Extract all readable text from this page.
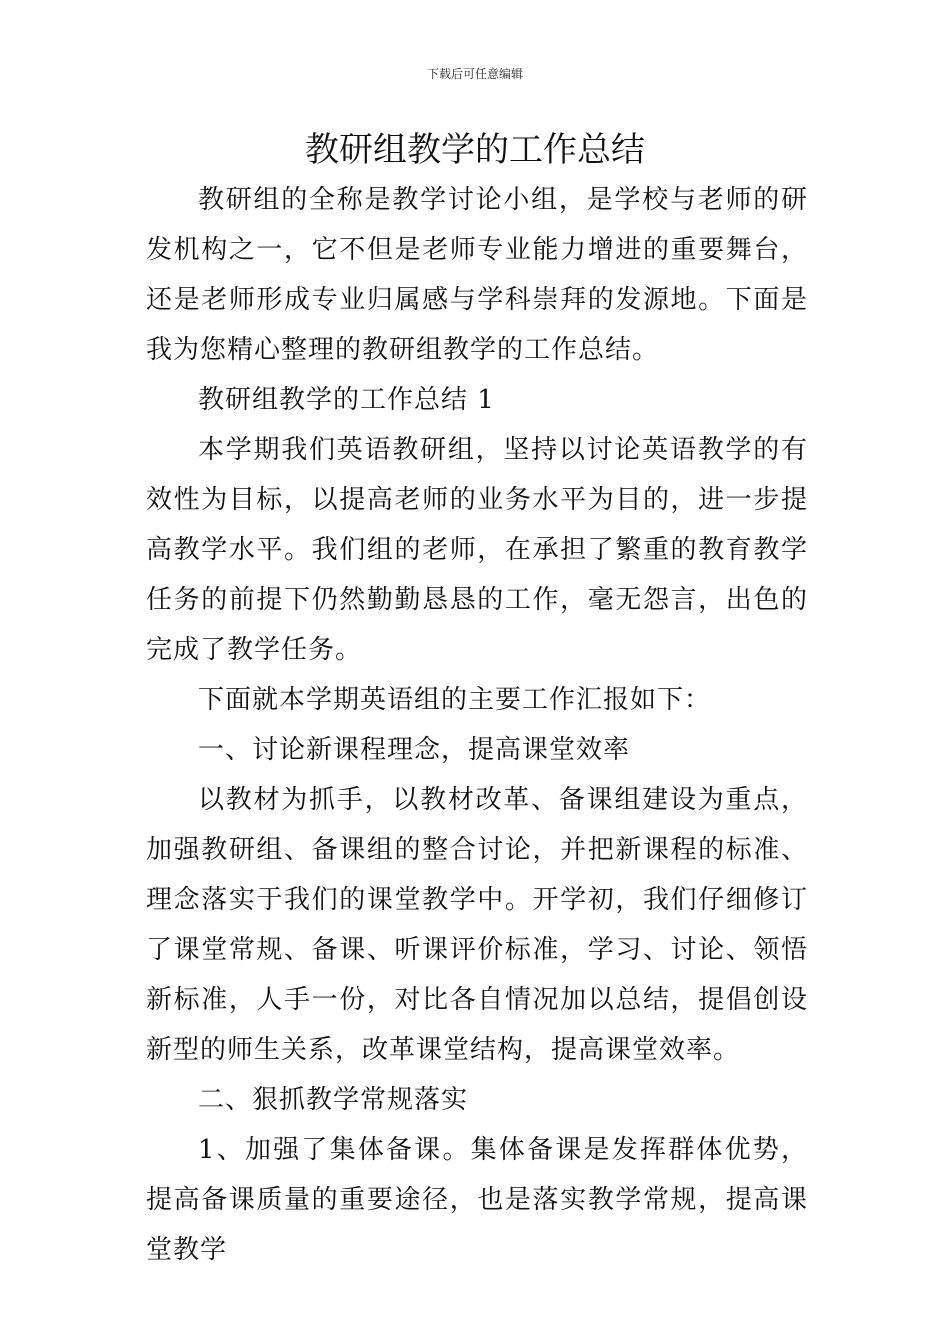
下载后可任意编辑
教研组教学的工作总结

教研组的全称是教学讨论小组，是学校与老师的研发机构之一，它不但是老师专业能力增进的重要舞台，还是老师形成专业归属感与学科崇拜的发源地。下面是我为您精心整理的教研组教学的工作总结。

教研组教学的工作总结 1

本学期我们英语教研组，坚持以讨论英语教学的有效性为目标，以提高老师的业务水平为目的，进一步提高教学水平。我们组的老师，在承担了繁重的教育教学任务的前提下仍然勤勤恳恳的工作，毫无怨言，出色的完成了教学任务。

下面就本学期英语组的主要工作汇报如下：

一、讨论新课程理念，提高课堂效率

以教材为抓手，以教材改革、备课组建设为重点，加强教研组、备课组的整合讨论，并把新课程的标准、理念落实于我们的课堂教学中。开学初，我们仔细修订了课堂常规、备课、听课评价标准，学习、讨论、领悟新标准，人手一份，对比各自情况加以总结，提倡创设新型的师生关系，改革课堂结构，提高课堂效率。

二、狠抓教学常规落实

1、加强了集体备课。集体备课是发挥群体优势，提高备课质量的重要途径，也是落实教学常规，提高课堂教学
